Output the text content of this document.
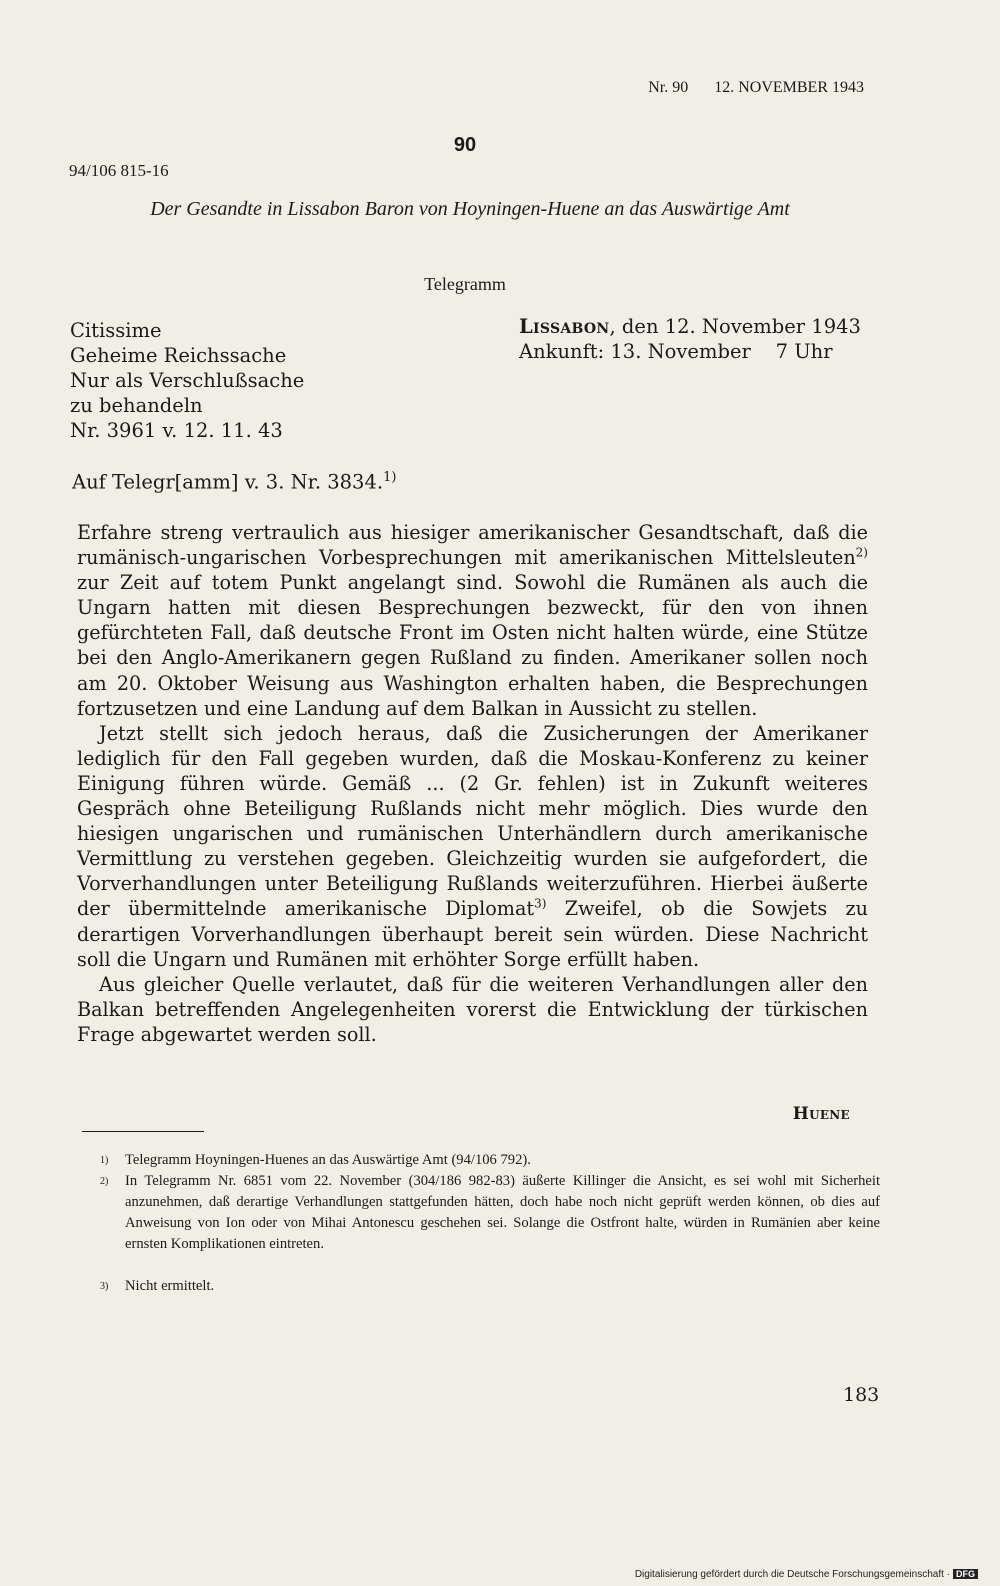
Nr. 90 12. NOVEMBER 1943
90
94/106 815-16
Der Gesandte in Lissabon Baron von Hoyningen-Huene an das Auswärtige Amt
Telegramm
Citissime
Geheime Reichssache
Nur als Verschlußsache
zu behandeln
Nr. 3961 v. 12. 11. 43
Lissabon, den 12. November 1943
Ankunft: 13. November    7 Uhr
Auf Telegr[amm] v. 3. Nr. 3834.$^{1)}$

Erfahre streng vertraulich aus hiesiger amerikanischer Gesandtschaft, daß die rumänisch-ungarischen Vorbesprechungen mit amerikanischen Mittelsleuten$^{2)}$ zur Zeit auf totem Punkt angelangt sind. Sowohl die Rumänen als auch die Ungarn hatten mit diesen Besprechungen bezweckt, für den von ihnen gefürchteten Fall, daß deutsche Front im Osten nicht halten würde, eine Stütze bei den Anglo-Amerikanern gegen Rußland zu finden. Amerikaner sollen noch am 20. Oktober Weisung aus Washington erhalten haben, die Besprechungen fortzusetzen und eine Landung auf dem Balkan in Aussicht zu stellen.

Jetzt stellt sich jedoch heraus, daß die Zusicherungen der Amerikaner lediglich für den Fall gegeben wurden, daß die Moskau-Konferenz zu keiner Einigung führen würde. Gemäß ... (2 Gr. fehlen) ist in Zukunft weiteres Gespräch ohne Beteiligung Rußlands nicht mehr möglich. Dies wurde den hiesigen ungarischen und rumänischen Unterhändlern durch amerikanische Vermittlung zu verstehen gegeben. Gleichzeitig wurden sie aufgefordert, die Vorverhandlungen unter Beteiligung Rußlands weiterzuführen. Hierbei äußerte der übermittelnde amerikanische Diplomat$^{3)}$ Zweifel, ob die Sowjets zu derartigen Vorverhandlungen überhaupt bereit sein würden. Diese Nachricht soll die Ungarn und Rumänen mit erhöhter Sorge erfüllt haben.

Aus gleicher Quelle verlautet, daß für die weiteren Verhandlungen aller den Balkan betreffenden Angelegenheiten vorerst die Entwicklung der türkischen Frage abgewartet werden soll.

Huene
1) Telegramm Hoyningen-Huenes an das Auswärtige Amt (94/106 792).
2) In Telegramm Nr. 6851 vom 22. November (304/186 982-83) äußerte Killinger die Ansicht, es sei wohl mit Sicherheit anzunehmen, daß derartige Verhandlungen stattgefunden hätten, doch habe noch nicht geprüft werden können, ob dies auf Anweisung von Ion oder von Mihai Antonescu geschehen sei. Solange die Ostfront halte, würden in Rumänien aber keine ernsten Komplikationen eintreten.
3) Nicht ermittelt.
183
Digitalisierung gefördert durch die Deutsche Forschungsgemeinschaft · DFG
